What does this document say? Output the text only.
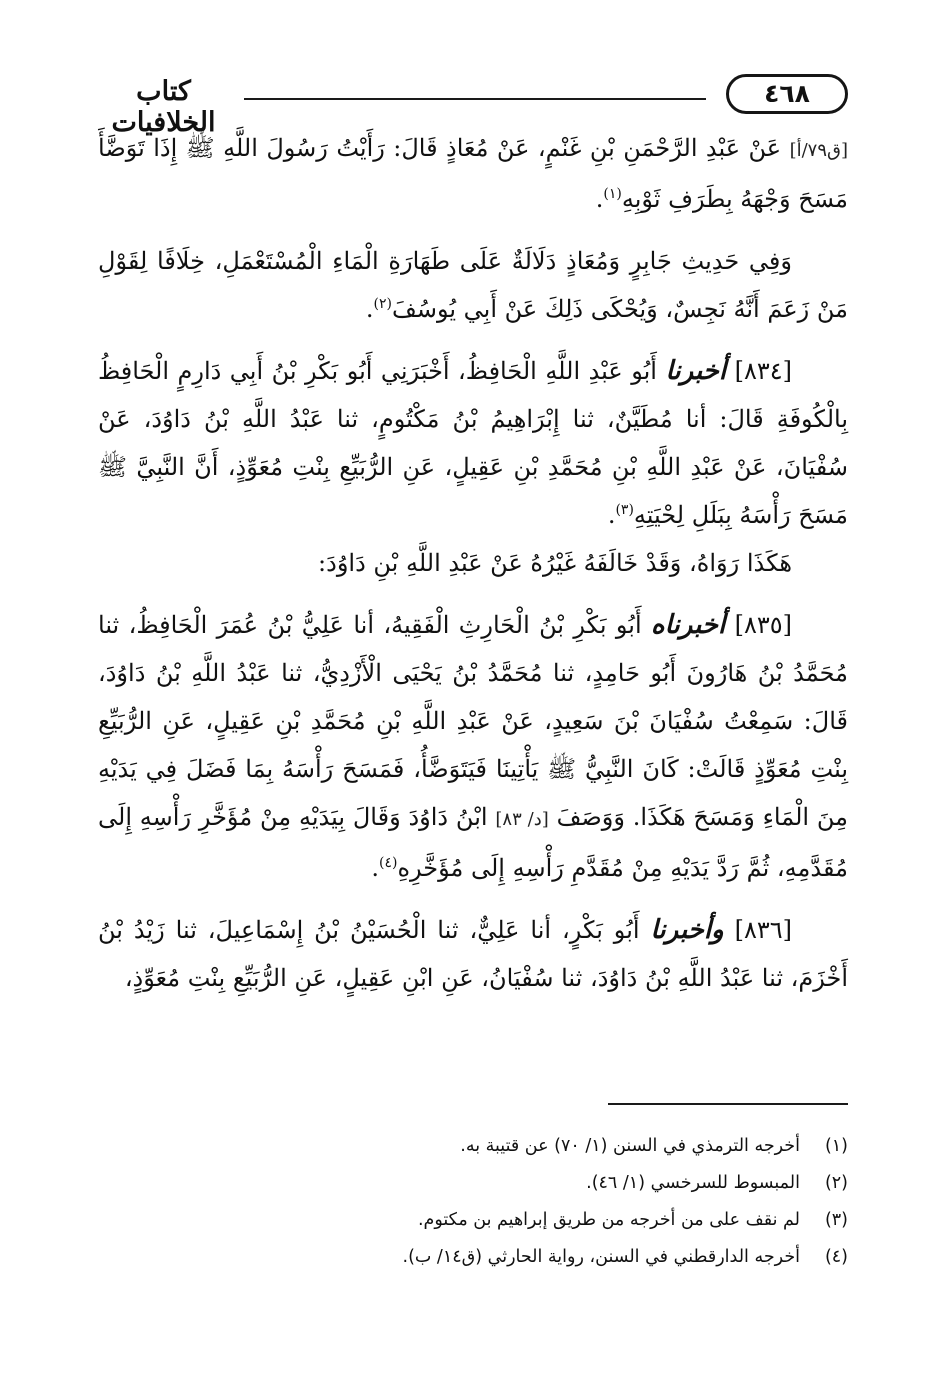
كتاب الخلافيات
٤٦٨

[ق٧٩/أ] عَنْ عَبْدِ الرَّحْمَنِ بْنِ غَنْمٍ، عَنْ مُعَاذٍ قَالَ: رَأَيْتُ رَسُولَ اللَّهِ ﷺ إِذَا تَوَضَّأَ مَسَحَ وَجْهَهُ بِطَرَفِ ثَوْبِهِ$^{(١)}$.

وَفِي حَدِيثِ جَابِرٍ وَمُعَاذٍ دَلَالَةٌ عَلَى طَهَارَةِ الْمَاءِ الْمُسْتَعْمَلِ، خِلَافًا لِقَوْلِ مَنْ زَعَمَ أَنَّهُ نَجِسٌ، وَيُحْكَى ذَلِكَ عَنْ أَبِي يُوسُفَ$^{(٢)}$.

[٨٣٤] أخبرنا أَبُو عَبْدِ اللَّهِ الْحَافِظُ، أَخْبَرَنِي أَبُو بَكْرِ بْنُ أَبِي دَارِمٍ الْحَافِظُ بِالْكُوفَةِ قَالَ: أنا مُطَيَّنٌ، ثنا إِبْرَاهِيمُ بْنُ مَكْتُومٍ، ثنا عَبْدُ اللَّهِ بْنُ دَاوُدَ، عَنْ سُفْيَانَ، عَنْ عَبْدِ اللَّهِ بْنِ مُحَمَّدِ بْنِ عَقِيلٍ، عَنِ الرُّبَيِّعِ بِنْتِ مُعَوِّذٍ، أَنَّ النَّبِيَّ ﷺ مَسَحَ رَأْسَهُ بِبَلَلِ لِحْيَتِهِ$^{(٣)}$.

هَكَذَا رَوَاهُ، وَقَدْ خَالَفَهُ غَيْرُهُ عَنْ عَبْدِ اللَّهِ بْنِ دَاوُدَ:

[٨٣٥] أخبرناه أَبُو بَكْرِ بْنُ الْحَارِثِ الْفَقِيهُ، أنا عَلِيُّ بْنُ عُمَرَ الْحَافِظُ، ثنا مُحَمَّدُ بْنُ هَارُونَ أَبُو حَامِدٍ، ثنا مُحَمَّدُ بْنُ يَحْيَى الْأَزْدِيُّ، ثنا عَبْدُ اللَّهِ بْنُ دَاوُدَ، قَالَ: سَمِعْتُ سُفْيَانَ بْنَ سَعِيدٍ، عَنْ عَبْدِ اللَّهِ بْنِ مُحَمَّدِ بْنِ عَقِيلٍ، عَنِ الرُّبَيِّعِ بِنْتِ مُعَوِّذٍ قَالَتْ: كَانَ النَّبِيُّ ﷺ يَأْتِينَا فَيَتَوَضَّأُ، فَمَسَحَ رَأْسَهُ بِمَا فَضَلَ فِي يَدَيْهِ مِنَ الْمَاءِ وَمَسَحَ هَكَذَا. وَوَصَفَ [د/ ٨٣] ابْنُ دَاوُدَ وَقَالَ بِيَدَيْهِ مِنْ مُؤَخَّرِ رَأْسِهِ إِلَى مُقَدَّمِهِ، ثُمَّ رَدَّ يَدَيْهِ مِنْ مُقَدَّمِ رَأْسِهِ إِلَى مُؤَخَّرِهِ$^{(٤)}$.

[٨٣٦] وأخبرنا أَبُو بَكْرٍ، أنا عَلِيٌّ، ثنا الْحُسَيْنُ بْنُ إِسْمَاعِيلَ، ثنا زَيْدُ بْنُ أَخْزَمَ، ثنا عَبْدُ اللَّهِ بْنُ دَاوُدَ، ثنا سُفْيَانُ، عَنِ ابْنِ عَقِيلٍ، عَنِ الرُّبَيِّعِ بِنْتِ مُعَوِّذٍ،

(١)أخرجه الترمذي في السنن (١/ ٧٠) عن قتيبة به.
(٢)المبسوط للسرخسي (١/ ٤٦).
(٣)لم نقف على من أخرجه من طريق إبراهيم بن مكتوم.
(٤)أخرجه الدارقطني في السنن، رواية الحارثي (ق١٤/ ب).
